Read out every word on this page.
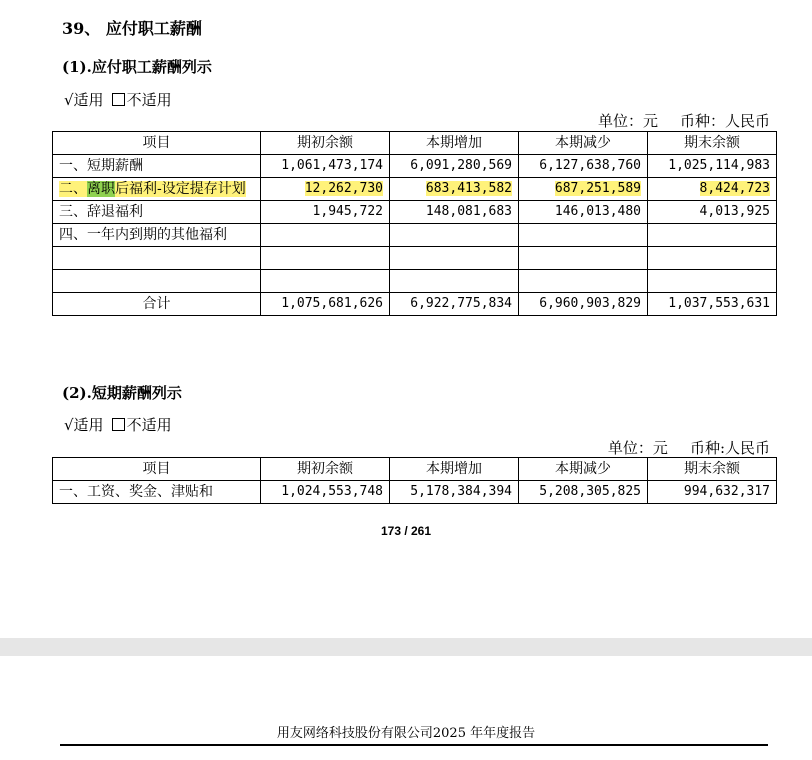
39、 应付职工薪酬
(1).应付职工薪酬列示
√适用 不适用
单位：元 币种：人民币
项目	期初余额	本期增加	本期减少	期末余额
一、短期薪酬	1,061,473,174	6,091,280,569	6,127,638,760	1,025,114,983
二、离职后福利-设定提存计划	12,262,730	683,413,582	687,251,589	8,424,723
三、辞退福利	1,945,722	148,081,683	146,013,480	4,013,925
四、一年内到期的其他福利				

合计	1,075,681,626	6,922,775,834	6,960,903,829	1,037,553,631
(2).短期薪酬列示
√适用 不适用
单位：元 币种:人民币
项目	期初余额	本期增加	本期减少	期末余额
一、工资、奖金、津贴和	1,024,553,748	5,178,384,394	5,208,305,825	994,632,317
173 / 261
用友网络科技股份有限公司2025 年年度报告
